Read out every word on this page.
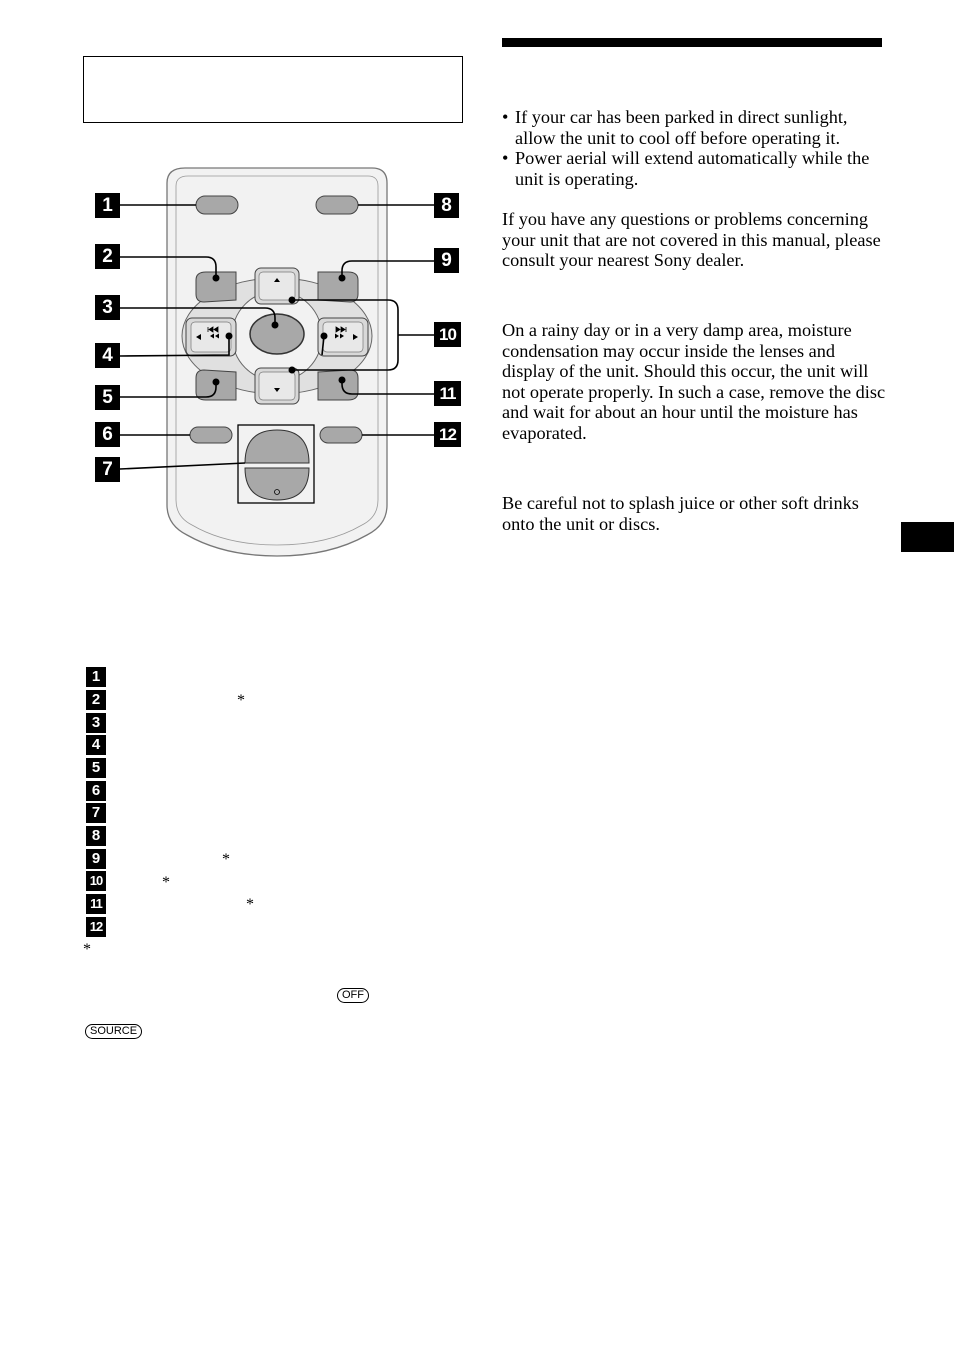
1
2
3
4
5
6
7
8
9
10
11
12
1
2
3
4
5
6
7
8
9
10
11
12
*
*
*
*
*
OFF
SOURCE
• If your car has been parked in direct sunlight, allow the unit to cool off before operating it.
• Power aerial will extend automatically while the unit is operating.
If you have any questions or problems concerning your unit that are not covered in this manual, please consult your nearest Sony dealer.
On a rainy day or in a very damp area, moisture condensation may occur inside the lenses and display of the unit. Should this occur, the unit will not operate properly. In such a case, remove the disc and wait for about an hour until the moisture has evaporated.
Be careful not to splash juice or other soft drinks onto the unit or discs.
